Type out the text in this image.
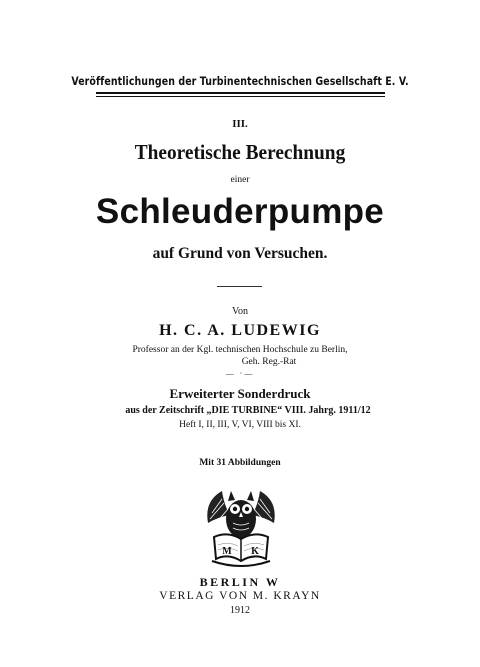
Veröffentlichungen der Turbinentechnischen Gesellschaft E. V.
III.
Theoretische Berechnung
einer
Schleuderpumpe
auf Grund von Versuchen.
Von
H. C. A. LUDEWIG
Professor an der Kgl. technischen Hochschule zu Berlin,
Geh. Reg.-Rat
— ·—
Erweiterter Sonderdruck
aus der Zeitschrift „DIE TURBINE“ VIII. Jahrg. 1911/12
Heft I, II, III, V, VI, VIII bis XI.
Mit 31 Abbildungen
M K
BERLIN W
VERLAG VON M. KRAYN
1912
